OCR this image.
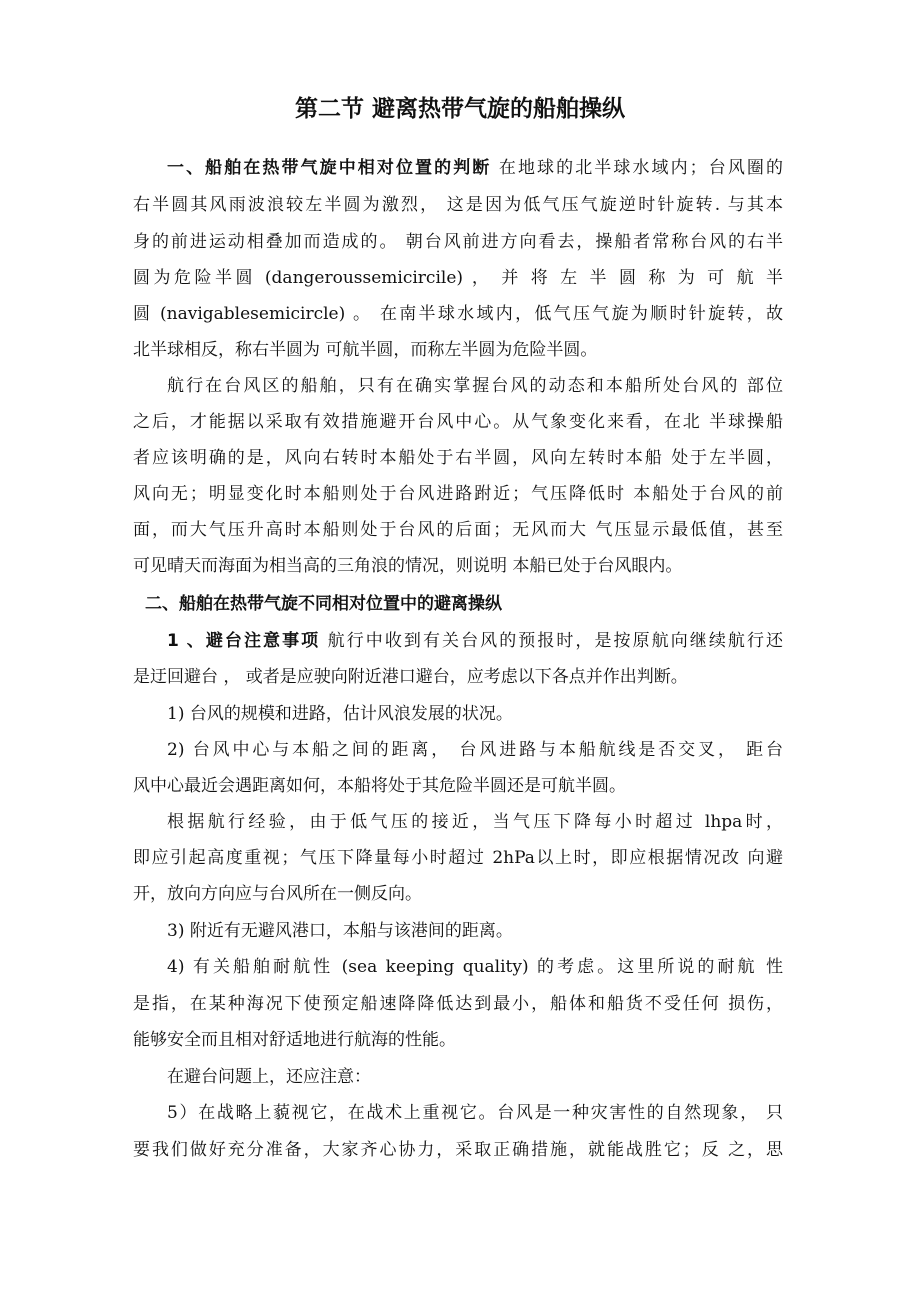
第二节 避离热带气旋的船舶操纵
一、船舶在热带气旋中相对位置的判断 在地球的北半球水域内；台风圈的
右半圆其风雨波浪较左半圆为激烈， 这是因为低气压气旋逆时针旋转. 与其本
身的前进运动相叠加而造成的。 朝台风前进方向看去，操船者常称台风的右半
圆为危险半圆 (dangeroussemicircile) ， 并 将 左 半 圆 称 为 可 航 半
圆 (navigablesemicircle) 。 在南半球水域内，低气压气旋为顺时针旋转，故
北半球相反，称右半圆为 可航半圆，而称左半圆为危险半圆。
航行在台风区的船舶，只有在确实掌握台风的动态和本船所处台风的 部位
之后，才能据以采取有效措施避开台风中心。从气象变化来看，在北 半球操船
者应该明确的是，风向右转时本船处于右半圆，风向左转时本船 处于左半圆，
风向无；明显变化时本船则处于台风进路跗近；气压降低时 本船处于台风的前
面，而大气压升高时本船则处于台风的后面；无风而大 气压显示最低值，甚至
可见晴天而海面为相当高的三角浪的情况，则说明 本船已处于台风眼内。
二、船舶在热带气旋不同相对位置中的避离操纵
1 、避台注意事项 航行中收到有关台风的预报时，是按原航向继续航行还
是迂回避台 ， 或者是应驶向附近港口避台，应考虑以下各点并作出判断。
1) 台风的规模和进路，估计风浪发展的状况。
2) 台风中心与本船之间的距离， 台风进路与本船航线是否交叉， 距台
风中心最近会遇距离如何，本船将处于其危险半圆还是可航半圆。
根据航行经验，由于低气压的接近，当气压下降每小时超过 lhpa时，
即应引起高度重视；气压下降量每小时超过 2hPa以上时，即应根据情况改 向避
开，放向方向应与台风所在一侧反向。
3) 附近有无避风港口，本船与该港间的距离。
4) 有关船舶耐航性 (sea keeping quality) 的考虑。这里所说的耐航 性
是指，在某种海况下使预定船速降降低达到最小，船体和船货不受任何 损伤，
能够安全而且相对舒适地进行航海的性能。
在避台问题上，还应注意：
5）在战略上藐视它，在战术上重视它。台风是一种灾害性的自然现象， 只
要我们做好充分准备，大家齐心协力，采取正确措施，就能战胜它；反 之，思
